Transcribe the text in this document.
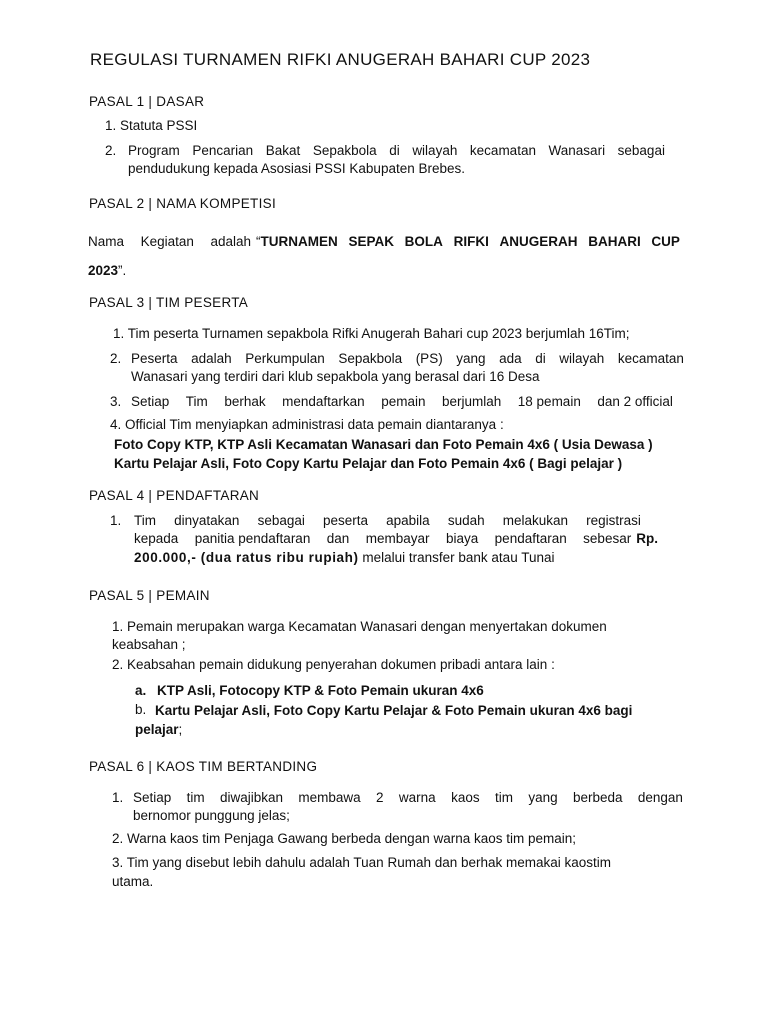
REGULASI TURNAMEN RIFKI ANUGERAH BAHARI CUP 2023
PASAL 1 | DASAR
1. Statuta PSSI
2. Program Pencarian Bakat Sepakbola di wilayah kecamatan Wanasari sebagai
pendudukung kepada Asosiasi PSSI Kabupaten Brebes.
PASAL 2 | NAMA KOMPETISI
Nama Kegiatan adalah “ TURNAMEN SEPAK BOLA RIFKI ANUGERAH BAHARI CUP
2023”.
PASAL 3 | TIM PESERTA
1. Tim peserta Turnamen sepakbola Rifki Anugerah Bahari cup 2023 berjumlah 16Tim;
2. Peserta adalah Perkumpulan Sepakbola (PS) yang ada di wilayah kecamatan
Wanasari yang terdiri dari klub sepakbola yang berasal dari 16 Desa
3. Setiap Tim berhak mendaftarkan pemain berjumlah 18 pemain dan 2 official
4. Official Tim menyiapkan administrasi data pemain diantaranya :
Foto Copy KTP, KTP Asli Kecamatan Wanasari dan Foto Pemain 4x6 ( Usia Dewasa )
Kartu Pelajar Asli, Foto Copy Kartu Pelajar dan Foto Pemain 4x6 ( Bagi pelajar )
PASAL 4 | PENDAFTARAN
1. Tim dinyatakan sebagai peserta apabila sudah melakukan registrasi
kepada panitia pendaftaran dan membayar biaya pendaftaran sebesar Rp.
200.000,- (dua ratus ribu rupiah) melalui transfer bank atau Tunai
PASAL 5 | PEMAIN
1. Pemain merupakan warga Kecamatan Wanasari dengan menyertakan dokumen
keabsahan ;
2. Keabsahan pemain didukung penyerahan dokumen pribadi antara lain :
a. KTP Asli, Fotocopy KTP & Foto Pemain ukuran 4x6
b. Kartu Pelajar Asli, Foto Copy Kartu Pelajar & Foto Pemain ukuran 4x6 bagi
pelajar;
PASAL 6 | KAOS TIM BERTANDING
1. Setiap tim diwajibkan membawa 2 warna kaos tim yang berbeda dengan
bernomor punggung jelas;
2. Warna kaos tim Penjaga Gawang berbeda dengan warna kaos tim pemain;
3. Tim yang disebut lebih dahulu adalah Tuan Rumah dan berhak memakai kaostim
utama.
